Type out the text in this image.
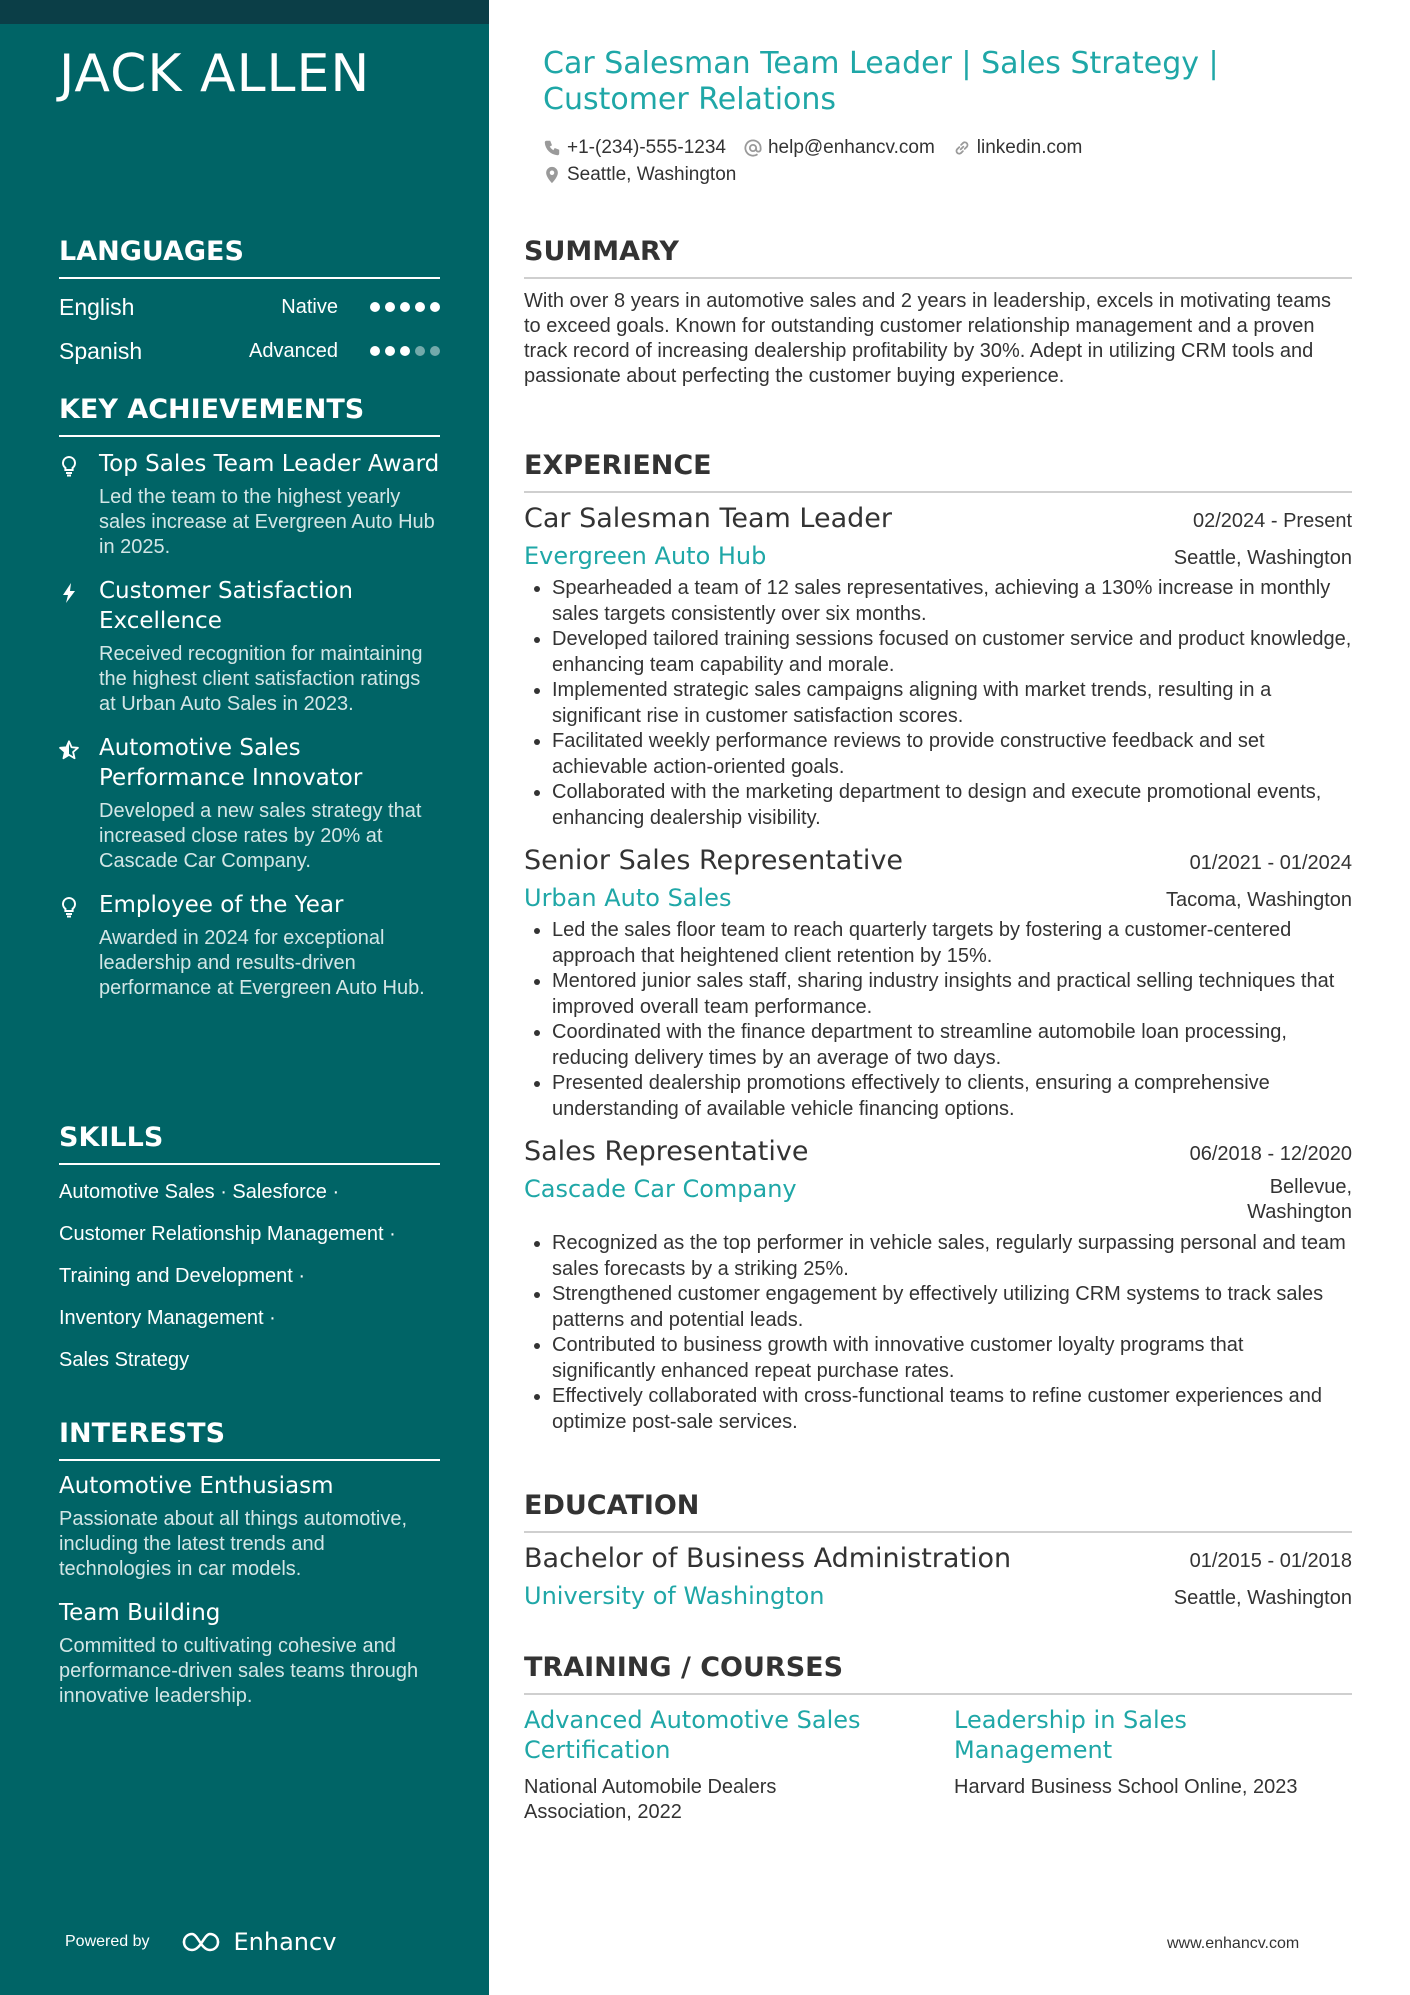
JACK ALLEN
LANGUAGES
English	Native
Spanish	Advanced
KEY ACHIEVEMENTS
Top Sales Team Leader Award
Led the team to the highest yearly sales increase at Evergreen Auto Hub in 2025.
Customer Satisfaction Excellence
Received recognition for maintaining the highest client satisfaction ratings at Urban Auto Sales in 2023.
Automotive Sales Performance Innovator
Developed a new sales strategy that increased close rates by 20% at Cascade Car Company.
Employee of the Year
Awarded in 2024 for exceptional leadership and results-driven performance at Evergreen Auto Hub.
SKILLS
Automotive Sales · Salesforce ·
Customer Relationship Management ·
Training and Development ·
Inventory Management ·
Sales Strategy
INTERESTS
Automotive Enthusiasm
Passionate about all things automotive, including the latest trends and technologies in car models.
Team Building
Committed to cultivating cohesive and performance-driven sales teams through innovative leadership.
Powered by	Enhancv
Car Salesman Team Leader | Sales Strategy | Customer Relations
+1-(234)-555-1234 help@enhancv.com linkedin.com
Seattle, Washington
SUMMARY
With over 8 years in automotive sales and 2 years in leadership, excels in motivating teams to exceed goals. Known for outstanding customer relationship management and a proven track record of increasing dealership profitability by 30%. Adept in utilizing CRM tools and passionate about perfecting the customer buying experience.
EXPERIENCE
Car Salesman Team Leader	02/2024 - Present
Evergreen Auto Hub	Seattle, Washington
• Spearheaded a team of 12 sales representatives, achieving a 130% increase in monthly sales targets consistently over six months.
• Developed tailored training sessions focused on customer service and product knowledge, enhancing team capability and morale.
• Implemented strategic sales campaigns aligning with market trends, resulting in a significant rise in customer satisfaction scores.
• Facilitated weekly performance reviews to provide constructive feedback and set achievable action-oriented goals.
• Collaborated with the marketing department to design and execute promotional events, enhancing dealership visibility.
Senior Sales Representative	01/2021 - 01/2024
Urban Auto Sales	Tacoma, Washington
• Led the sales floor team to reach quarterly targets by fostering a customer-centered approach that heightened client retention by 15%.
• Mentored junior sales staff, sharing industry insights and practical selling techniques that improved overall team performance.
• Coordinated with the finance department to streamline automobile loan processing, reducing delivery times by an average of two days.
• Presented dealership promotions effectively to clients, ensuring a comprehensive understanding of available vehicle financing options.
Sales Representative	06/2018 - 12/2020
Cascade Car Company	Bellevue, Washington
• Recognized as the top performer in vehicle sales, regularly surpassing personal and team sales forecasts by a striking 25%.
• Strengthened customer engagement by effectively utilizing CRM systems to track sales patterns and potential leads.
• Contributed to business growth with innovative customer loyalty programs that significantly enhanced repeat purchase rates.
• Effectively collaborated with cross-functional teams to refine customer experiences and optimize post-sale services.
EDUCATION
Bachelor of Business Administration	01/2015 - 01/2018
University of Washington	Seattle, Washington
TRAINING / COURSES
Advanced Automotive Sales Certification
National Automobile Dealers Association, 2022
Leadership in Sales Management
Harvard Business School Online, 2023
www.enhancv.com
